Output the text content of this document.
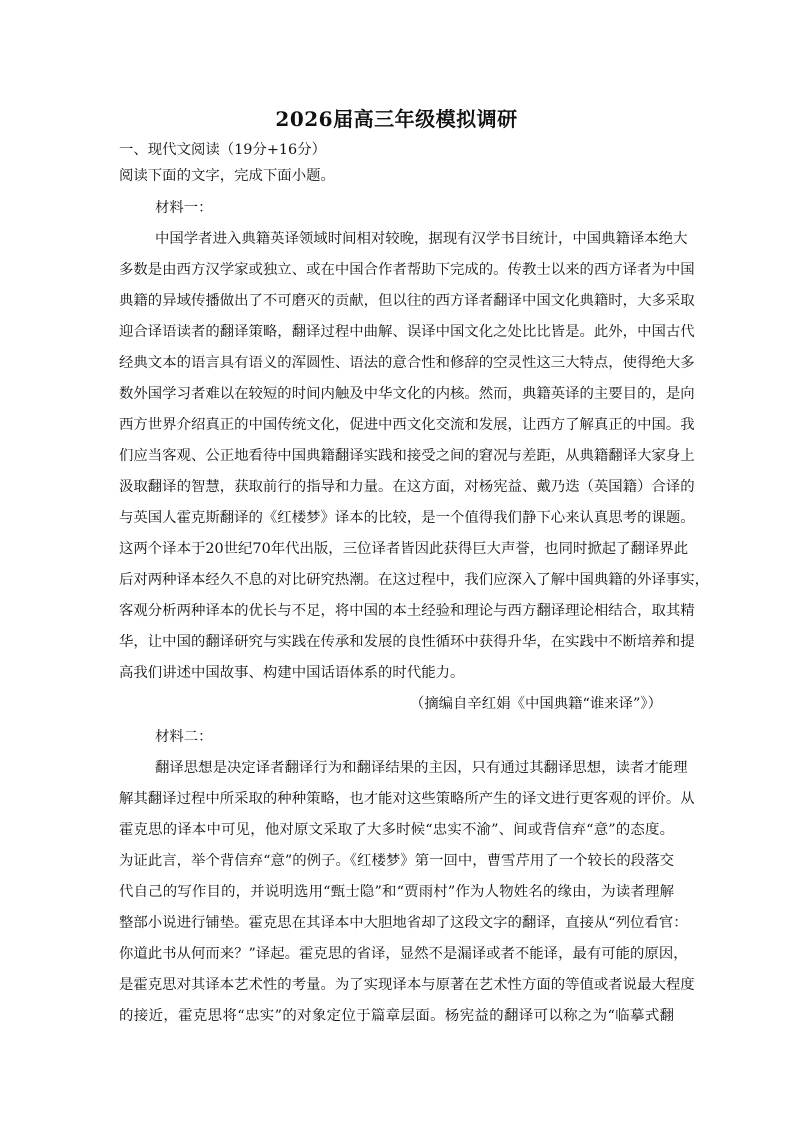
2026届高三年级模拟调研
一、现代文阅读（19分+16分）
阅读下面的文字，完成下面小题。
材料一：
中国学者进入典籍英译领域时间相对较晚，据现有汉学书目统计，中国典籍译本绝大
多数是由西方汉学家或独立、或在中国合作者帮助下完成的。传教士以来的西方译者为中国
典籍的异域传播做出了不可磨灭的贡献，但以往的西方译者翻译中国文化典籍时，大多采取
迎合译语读者的翻译策略，翻译过程中曲解、误译中国文化之处比比皆是。此外，中国古代
经典文本的语言具有语义的浑圆性、语法的意合性和修辞的空灵性这三大特点，使得绝大多
数外国学习者难以在较短的时间内触及中华文化的内核。然而，典籍英译的主要目的，是向
西方世界介绍真正的中国传统文化，促进中西文化交流和发展，让西方了解真正的中国。我
们应当客观、公正地看待中国典籍翻译实践和接受之间的窘况与差距，从典籍翻译大家身上
汲取翻译的智慧，获取前行的指导和力量。在这方面，对杨宪益、戴乃迭（英国籍）合译的
与英国人霍克斯翻译的《红楼梦》译本的比较，是一个值得我们静下心来认真思考的课题。
这两个译本于20世纪70年代出版，三位译者皆因此获得巨大声誉，也同时掀起了翻译界此
后对两种译本经久不息的对比研究热潮。在这过程中，我们应深入了解中国典籍的外译事实，
客观分析两种译本的优长与不足，将中国的本土经验和理论与西方翻译理论相结合，取其精
华，让中国的翻译研究与实践在传承和发展的良性循环中获得升华，在实践中不断培养和提
高我们讲述中国故事、构建中国话语体系的时代能力。
（摘编自辛红娟《中国典籍“谁来译”》）
材料二：
翻译思想是决定译者翻译行为和翻译结果的主因，只有通过其翻译思想，读者才能理
解其翻译过程中所采取的种种策略，也才能对这些策略所产生的译文进行更客观的评价。从
霍克思的译本中可见，他对原文采取了大多时候“忠实不渝”、间或背信弃“意”的态度。
为证此言，举个背信弃“意”的例子。《红楼梦》第一回中，曹雪芹用了一个较长的段落交
代自己的写作目的，并说明选用“甄士隐”和“贾雨村”作为人物姓名的缘由，为读者理解
整部小说进行铺垫。霍克思在其译本中大胆地省却了这段文字的翻译，直接从“列位看官：
你道此书从何而来？”译起。霍克思的省译，显然不是漏译或者不能译，最有可能的原因，
是霍克思对其译本艺术性的考量。为了实现译本与原著在艺术性方面的等值或者说最大程度
的接近，霍克思将“忠实”的对象定位于篇章层面。杨宪益的翻译可以称之为“临摹式翻
